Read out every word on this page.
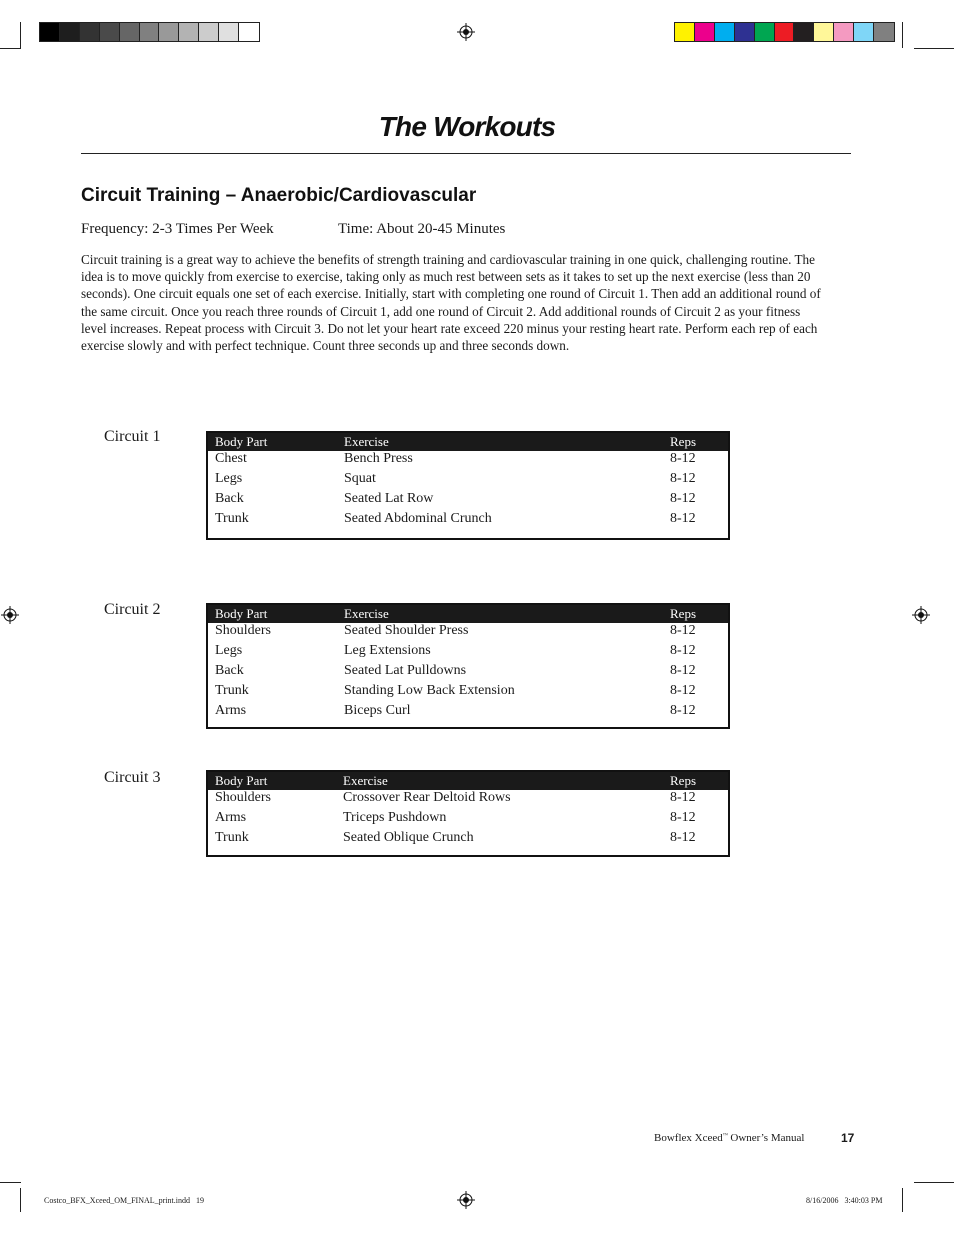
The Workouts
Circuit Training – Anaerobic/Cardiovascular
Frequency: 2-3 Times Per Week	Time: About 20-45 Minutes
Circuit training is a great way to achieve the benefits of strength training and cardiovascular training in one quick, challenging routine. The idea is to move quickly from exercise to exercise, taking only as much rest between sets as it takes to set up the next exercise (less than 20 seconds). One circuit equals one set of each exercise. Initially, start with completing one round of Circuit 1. Then add an additional round of the same circuit. Once you reach three rounds of Circuit 1, add one round of Circuit 2. Add additional rounds of Circuit 2 as your fitness level increases. Repeat process with Circuit 3. Do not let your heart rate exceed 220 minus your resting heart rate. Perform each rep of each exercise slowly and with perfect technique. Count three seconds up and three seconds down.
Circuit 1	Body Part	Exercise	Reps
Chest	Bench Press	8-12
Legs	Squat	8-12
Back	Seated Lat Row	8-12
Trunk	Seated Abdominal Crunch	8-12
Circuit 2	Body Part	Exercise	Reps
Shoulders	Seated Shoulder Press	8-12
Legs	Leg Extensions	8-12
Back	Seated Lat Pulldowns	8-12
Trunk	Standing Low Back Extension	8-12
Arms	Biceps Curl	8-12
Circuit 3	Body Part	Exercise	Reps
Shoulders	Crossover Rear Deltoid Rows	8-12
Arms	Triceps Pushdown	8-12
Trunk	Seated Oblique Crunch	8-12
Bowflex Xceed™ Owner’s Manual	17
Costco_BFX_Xceed_OM_FINAL_print.indd   19	8/16/2006   3:40:03 PM
